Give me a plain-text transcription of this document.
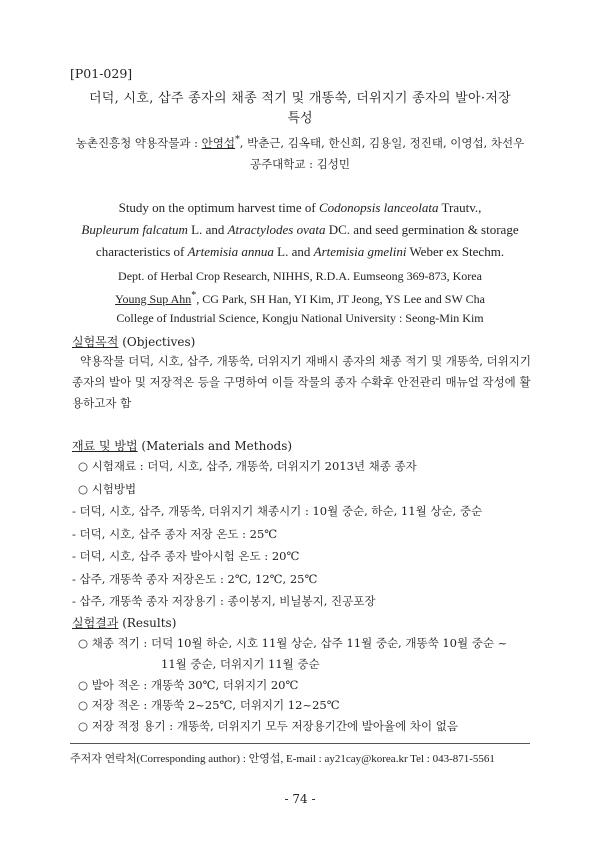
[P01-029]
더덕, 시호, 삽주 종자의 채종 적기 및 개똥쑥, 더위지기 종자의 발아·저장
특성
농촌진흥청 약용작물과 : 안영섭*, 박춘근, 김옥태, 한신희, 김용일, 정진태, 이영섭, 차선우
공주대학교 : 김성민
Study on the optimum harvest time of Codonopsis lanceolata Trautv.,
Bupleurum falcatum L. and Atractylodes ovata DC. and seed germination & storage
characteristics of Artemisia annua L. and Artemisia gmelini Weber ex Stechm.
Dept. of Herbal Crop Research, NIHHS, R.D.A. Eumseong 369-873, Korea
Young Sup Ahn*, CG Park, SH Han, YI Kim, JT Jeong, YS Lee and SW Cha
College of Industrial Science, Kongju National University : Seong-Min Kim
실험목적 (Objectives)
약용작물 더덕, 시호, 삽주, 개똥쑥, 더위지기 재배시 종자의 채종 적기 및 개똥쑥, 더위지기 종자의 발아 및 저장적온 등을 구명하여 이들 작물의 종자 수확후 안전관리 매뉴얼 작성에 활용하고자 함
재료 및 방법 (Materials and Methods)
○ 시험재료 : 더덕, 시호, 삽주, 개똥쑥, 더위지기 2013년 채종 종자
○ 시험방법
- 더덕, 시호, 삽주, 개똥쑥, 더위지기 채종시기 : 10월 중순, 하순, 11월 상순, 중순
- 더덕, 시호, 삽주 종자 저장 온도 : 25℃
- 더덕, 시호, 삽주 종자 발아시험 온도 : 20℃
- 삽주, 개똥쑥 종자 저장온도 : 2℃, 12℃, 25℃
- 삽주, 개똥쑥 종자 저장용기 : 종이봉지, 비닐봉지, 진공포장
실험결과 (Results)
○ 채종 적기 : 더덕 10월 하순, 시호 11월 상순, 삽주 11월 중순, 개똥쑥 10월 중순 ~
11월 중순, 더위지기 11월 중순
○ 발아 적온 : 개똥쑥 30℃, 더위지기 20℃
○ 저장 적온 : 개똥쑥 2~25℃, 더위지기 12~25℃
○ 저장 적정 용기 : 개똥쑥, 더위지기 모두 저장용기간에 발아율에 차이 없음
주저자 연락처(Corresponding author) : 안영섭, E-mail : ay21cay@korea.kr Tel : 043-871-5561
- 74 -
